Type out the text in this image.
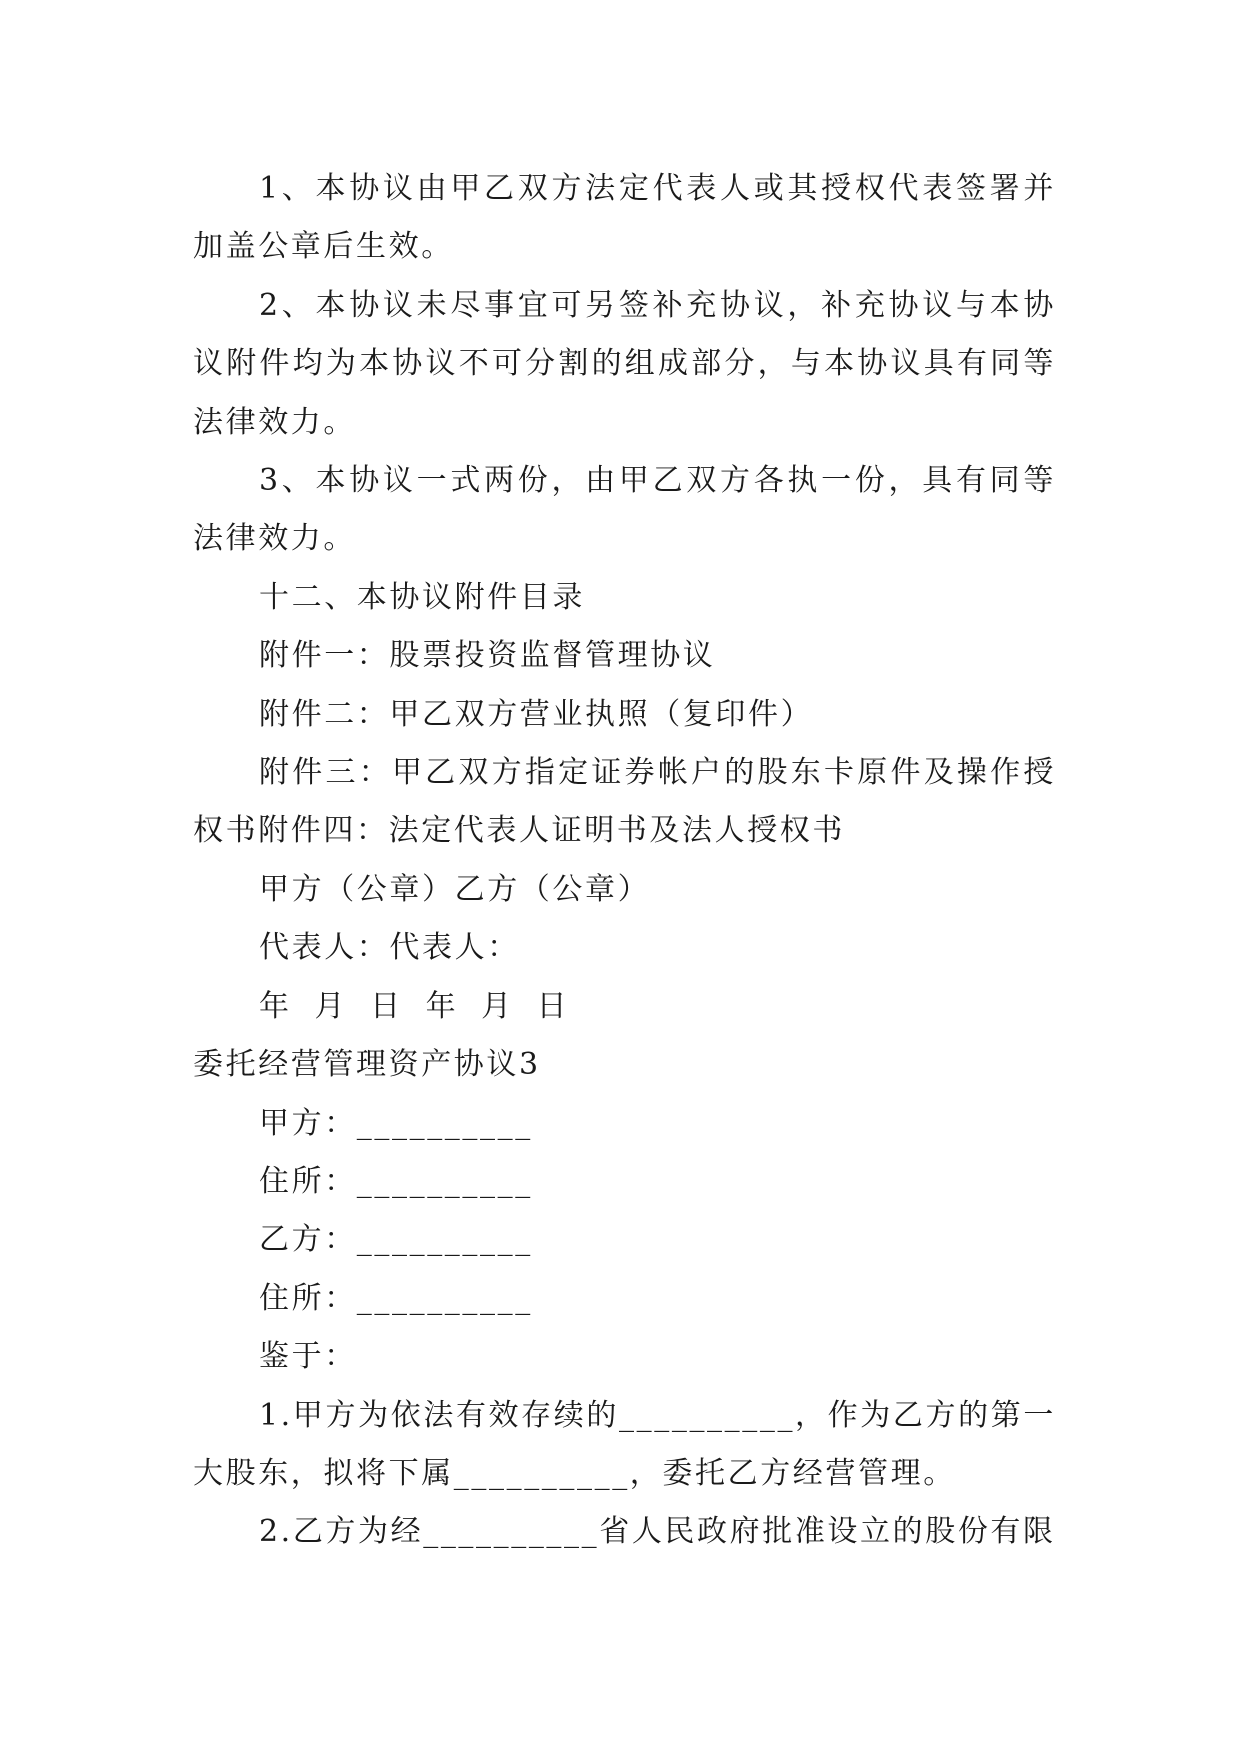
1、本协议由甲乙双方法定代表人或其授权代表签署并加盖公章后生效。

2、本协议未尽事宜可另签补充协议，补充协议与本协议附件均为本协议不可分割的组成部分，与本协议具有同等法律效力。

3、本协议一式两份，由甲乙双方各执一份，具有同等法律效力。

十二、本协议附件目录

附件一：股票投资监督管理协议

附件二：甲乙双方营业执照（复印件）

附件三：甲乙双方指定证券帐户的股东卡原件及操作授权书附件四：法定代表人证明书及法人授权书

甲方（公章）乙方（公章）

代表人：代表人：

年 月 日 年 月 日

委托经营管理资产协议3

甲方：__________

住所：__________

乙方：__________

住所：__________

鉴于：

1.甲方为依法有效存续的__________，作为乙方的第一大股东，拟将下属__________，委托乙方经营管理。

2.乙方为经__________省人民政府批准设立的股份有限
